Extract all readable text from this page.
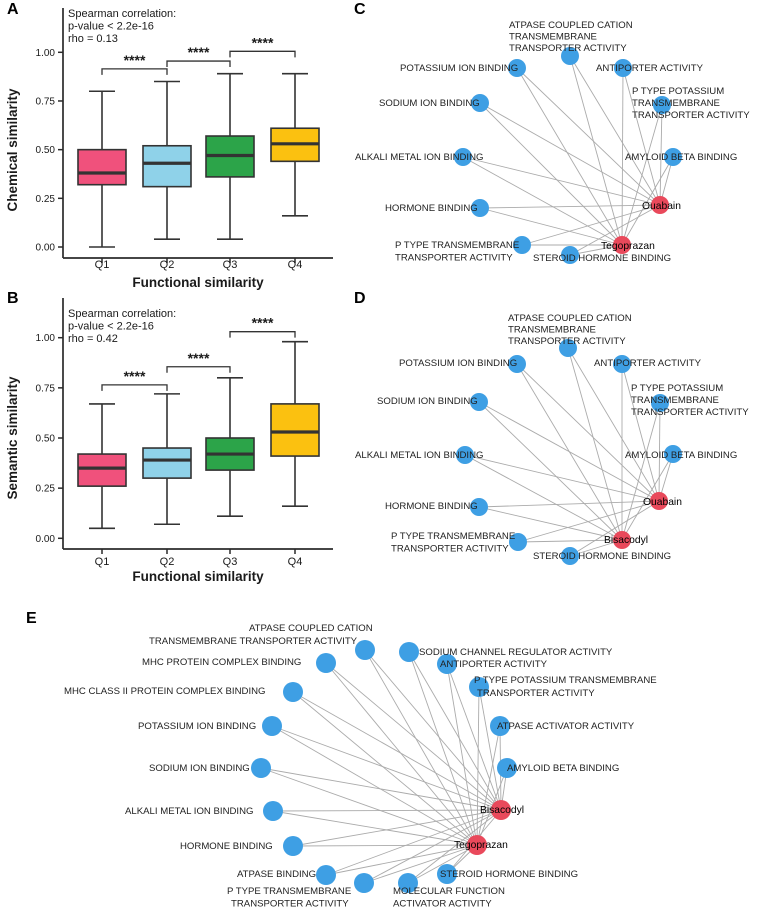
A
B
C
D
E
0.00
0.25
0.50
0.75
1.00
Q1	Q2	Q3	Q4
****	****
****
Spearman correlation:
p-value < 2.2e-16
rho = 0.13
Functional similarity
Chemical similarity
0.00
0.25
0.50
0.75
1.00
Q1	Q2	Q3	Q4
****
****
****
Spearman correlation:
p-value < 2.2e-16
rho = 0.42
Functional similarity
Semantic similarity
ATPASE COUPLED CATION
TRANSMEMBRANE
TRANSPORTER ACTIVITY
POTASSIUM ION BINDING	ANTIPORTER ACTIVITY
SODIUM ION BINDING
P TYPE POTASSIUM
TRANSMEMBRANE
TRANSPORTER ACTIVITY
ALKALI METAL ION BINDING	AMYLOID BETA BINDING
HORMONE BINDING
P TYPE TRANSMEMBRANE
TRANSPORTER ACTIVITY STEROID HORMONE BINDING
Ouabain
Tegoprazan
ATPASE COUPLED CATION
TRANSMEMBRANE
TRANSPORTER ACTIVITY
POTASSIUM ION BINDING	ANTIPORTER ACTIVITY
SODIUM ION BINDING
P TYPE POTASSIUM
TRANSMEMBRANE
TRANSPORTER ACTIVITY
ALKALI METAL ION BINDING	AMYLOID BETA BINDING
HORMONE BINDING
P TYPE TRANSMEMBRANE
TRANSPORTER ACTIVITY
STEROID HORMONE BINDING
Ouabain
Bisacodyl
ATPASE COUPLED CATION
TRANSMEMBRANE TRANSPORTER ACTIVITY
SODIUM CHANNEL REGULATOR ACTIVITY
MHC PROTEIN COMPLEX BINDING	ANTIPORTER ACTIVITY
MHC CLASS II PROTEIN COMPLEX BINDING
P TYPE POTASSIUM TRANSMEMBRANE
TRANSPORTER ACTIVITY
POTASSIUM ION BINDING	ATPASE ACTIVATOR ACTIVITY
SODIUM ION BINDING	AMYLOID BETA BINDING
ALKALI METAL ION BINDING
HORMONE BINDING
ATPASE BINDING
P TYPE TRANSMEMBRANE
TRANSPORTER ACTIVITY
MOLECULAR FUNCTION
ACTIVATOR ACTIVITY
STEROID HORMONE BINDING
Bisacodyl
Tegoprazan
